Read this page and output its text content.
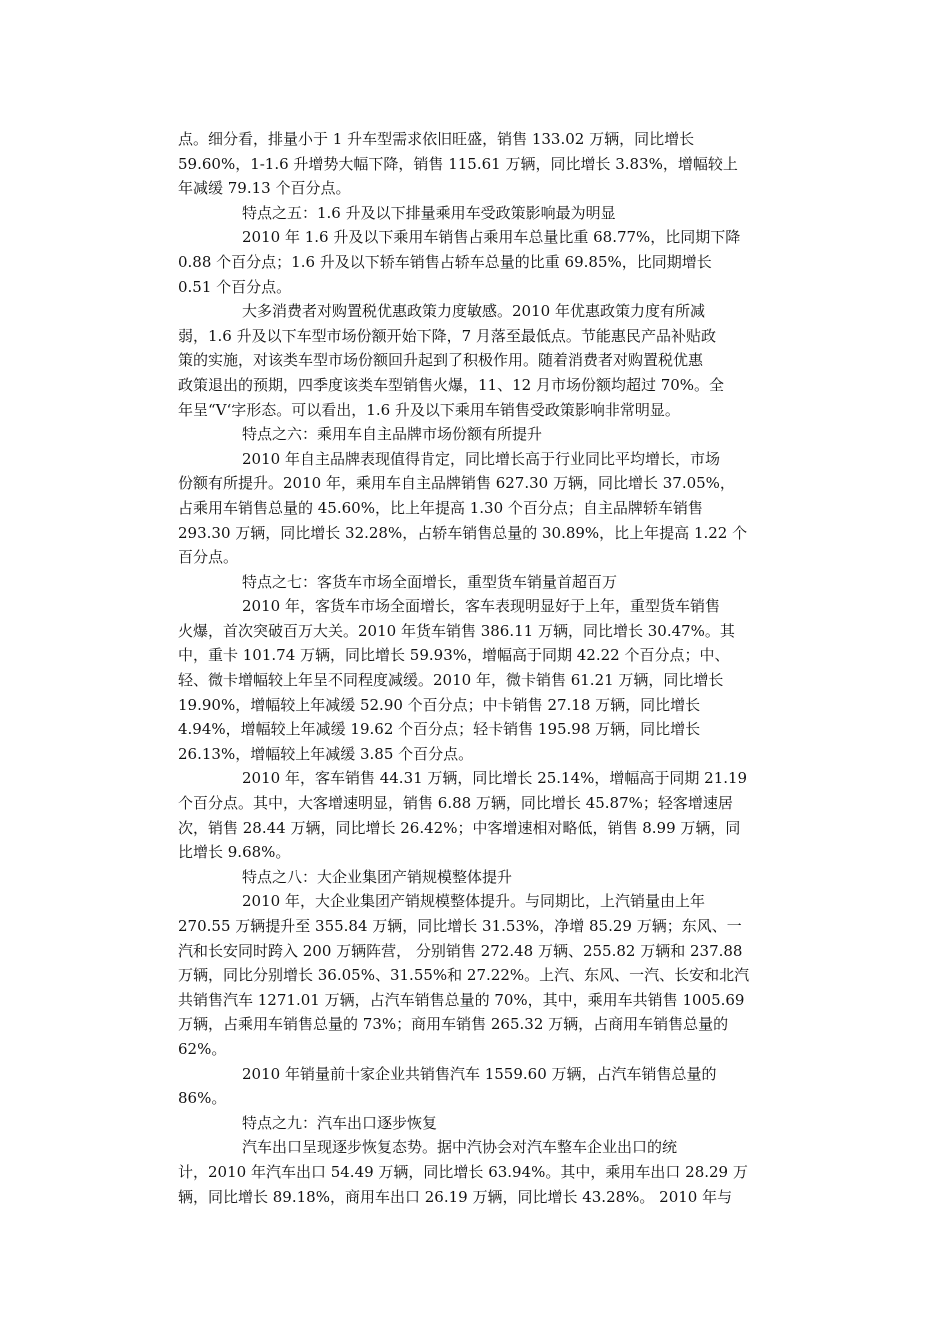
点。细分看，排量小于 1 升车型需求依旧旺盛，销售 133.02 万辆，同比增长
59.60%，1-1.6 升增势大幅下降，销售 115.61 万辆，同比增长 3.83%，增幅较上
年减缓 79.13 个百分点。
特点之五：1.6 升及以下排量乘用车受政策影响最为明显
2010 年 1.6 升及以下乘用车销售占乘用车总量比重 68.77%，比同期下降
0.88 个百分点；1.6 升及以下轿车销售占轿车总量的比重 69.85%，比同期增长
0.51 个百分点。
大多消费者对购置税优惠政策力度敏感。2010 年优惠政策力度有所减
弱，1.6 升及以下车型市场份额开始下降，7 月落至最低点。节能惠民产品补贴政
策的实施，对该类车型市场份额回升起到了积极作用。随着消费者对购置税优惠
政策退出的预期，四季度该类车型销售火爆，11、12 月市场份额均超过 70%。全
年呈“V‘字形态。可以看出，1.6 升及以下乘用车销售受政策影响非常明显。
特点之六：乘用车自主品牌市场份额有所提升
2010 年自主品牌表现值得肯定，同比增长高于行业同比平均增长，市场
份额有所提升。2010 年，乘用车自主品牌销售 627.30 万辆，同比增长 37.05%，
占乘用车销售总量的 45.60%，比上年提高 1.30 个百分点；自主品牌轿车销售
293.30 万辆，同比增长 32.28%，占轿车销售总量的 30.89%，比上年提高 1.22 个
百分点。
特点之七：客货车市场全面增长，重型货车销量首超百万
2010 年，客货车市场全面增长，客车表现明显好于上年，重型货车销售
火爆，首次突破百万大关。2010 年货车销售 386.11 万辆，同比增长 30.47%。其
中，重卡 101.74 万辆，同比增长 59.93%，增幅高于同期 42.22 个百分点；中、
轻、微卡增幅较上年呈不同程度减缓。2010 年，微卡销售 61.21 万辆，同比增长
19.90%，增幅较上年减缓 52.90 个百分点；中卡销售 27.18 万辆，同比增长
4.94%，增幅较上年减缓 19.62 个百分点；轻卡销售 195.98 万辆，同比增长
26.13%，增幅较上年减缓 3.85 个百分点。
2010 年，客车销售 44.31 万辆，同比增长 25.14%，增幅高于同期 21.19
个百分点。其中，大客增速明显，销售 6.88 万辆，同比增长 45.87%；轻客增速居
次，销售 28.44 万辆，同比增长 26.42%；中客增速相对略低，销售 8.99 万辆，同
比增长 9.68%。
特点之八：大企业集团产销规模整体提升
2010 年，大企业集团产销规模整体提升。与同期比，上汽销量由上年
270.55 万辆提升至 355.84 万辆，同比增长 31.53%，净增 85.29 万辆；东风、一
汽和长安同时跨入 200 万辆阵营， 分别销售 272.48 万辆、255.82 万辆和 237.88
万辆，同比分别增长 36.05%、31.55%和 27.22%。上汽、东风、一汽、长安和北汽
共销售汽车 1271.01 万辆，占汽车销售总量的 70%，其中，乘用车共销售 1005.69
万辆，占乘用车销售总量的 73%；商用车销售 265.32 万辆，占商用车销售总量的
62%。
2010 年销量前十家企业共销售汽车 1559.60 万辆，占汽车销售总量的
86%。
特点之九：汽车出口逐步恢复
汽车出口呈现逐步恢复态势。据中汽协会对汽车整车企业出口的统
计，2010 年汽车出口 54.49 万辆，同比增长 63.94%。其中，乘用车出口 28.29 万
辆，同比增长 89.18%，商用车出口 26.19 万辆，同比增长 43.28%。 2010 年与
